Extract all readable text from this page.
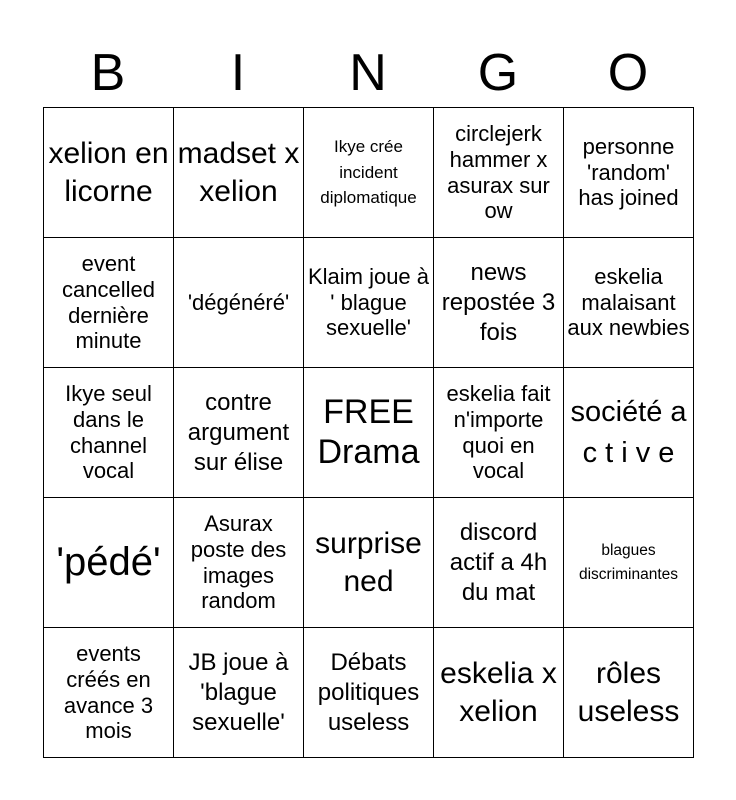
B	I	N	G	O
xelion en licorne
madset x xelion
Ikye crée incident diplomatique
circlejerk hammer x asurax sur ow
personne 'random' has joined
event cancelled dernière minute
'dégénéré'
Klaim joue à ' blague sexuelle'
news repostée 3 fois
eskelia malaisant aux newbies
Ikye seul dans le channel vocal
contre argument sur élise
FREE Drama
eskelia fait n'importe quoi en vocal
société a c t i v e
'pédé'
Asurax poste des images random
surprise ned
discord actif a 4h du mat
blagues discriminantes
events créés en avance 3 mois
JB joue à 'blague sexuelle'
Débats politiques useless
eskelia x xelion
rôles useless
